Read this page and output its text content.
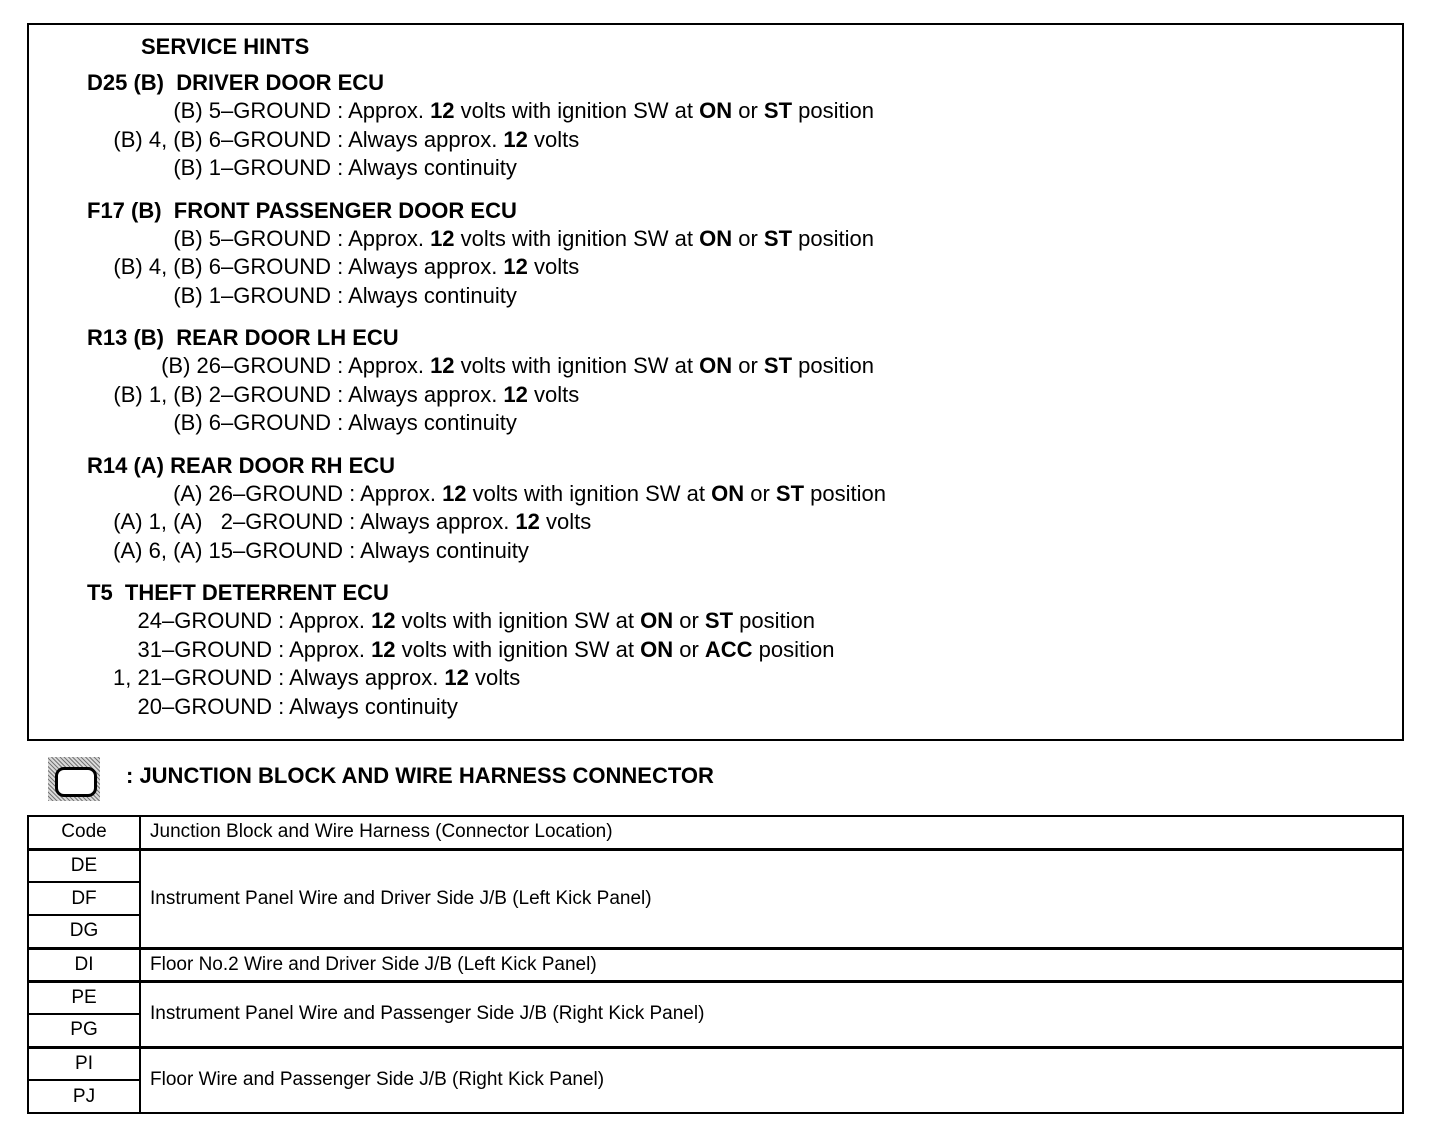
SERVICE HINTS
D25 (B)  DRIVER DOOR ECU
(B) 5–GROUND : Approx. 12 volts with ignition SW at ON or ST position
(B) 4, (B) 6–GROUND : Always approx. 12 volts
(B) 1–GROUND : Always continuity
F17 (B)  FRONT PASSENGER DOOR ECU
(B) 5–GROUND : Approx. 12 volts with ignition SW at ON or ST position
(B) 4, (B) 6–GROUND : Always approx. 12 volts
(B) 1–GROUND : Always continuity
R13 (B)  REAR DOOR LH ECU
(B) 26–GROUND : Approx. 12 volts with ignition SW at ON or ST position
(B) 1, (B) 2–GROUND : Always approx. 12 volts
(B) 6–GROUND : Always continuity
R14 (A) REAR DOOR RH ECU
(A) 26–GROUND : Approx. 12 volts with ignition SW at ON or ST position
(A) 1, (A)   2–GROUND : Always approx. 12 volts
(A) 6, (A) 15–GROUND : Always continuity
T5  THEFT DETERRENT ECU
24–GROUND : Approx. 12 volts with ignition SW at ON or ST position
31–GROUND : Approx. 12 volts with ignition SW at ON or ACC position
1, 21–GROUND : Always approx. 12 volts
20–GROUND : Always continuity
: JUNCTION BLOCK AND WIRE HARNESS CONNECTOR
Code	Junction Block and Wire Harness (Connector Location)
DE	Instrument Panel Wire and Driver Side J/B (Left Kick Panel)
DF	
DG	
DI	Floor No.2 Wire and Driver Side J/B (Left Kick Panel)
PE	Instrument Panel Wire and Passenger Side J/B (Right Kick Panel)
PG	
PI	Floor Wire and Passenger Side J/B (Right Kick Panel)
PJ	
